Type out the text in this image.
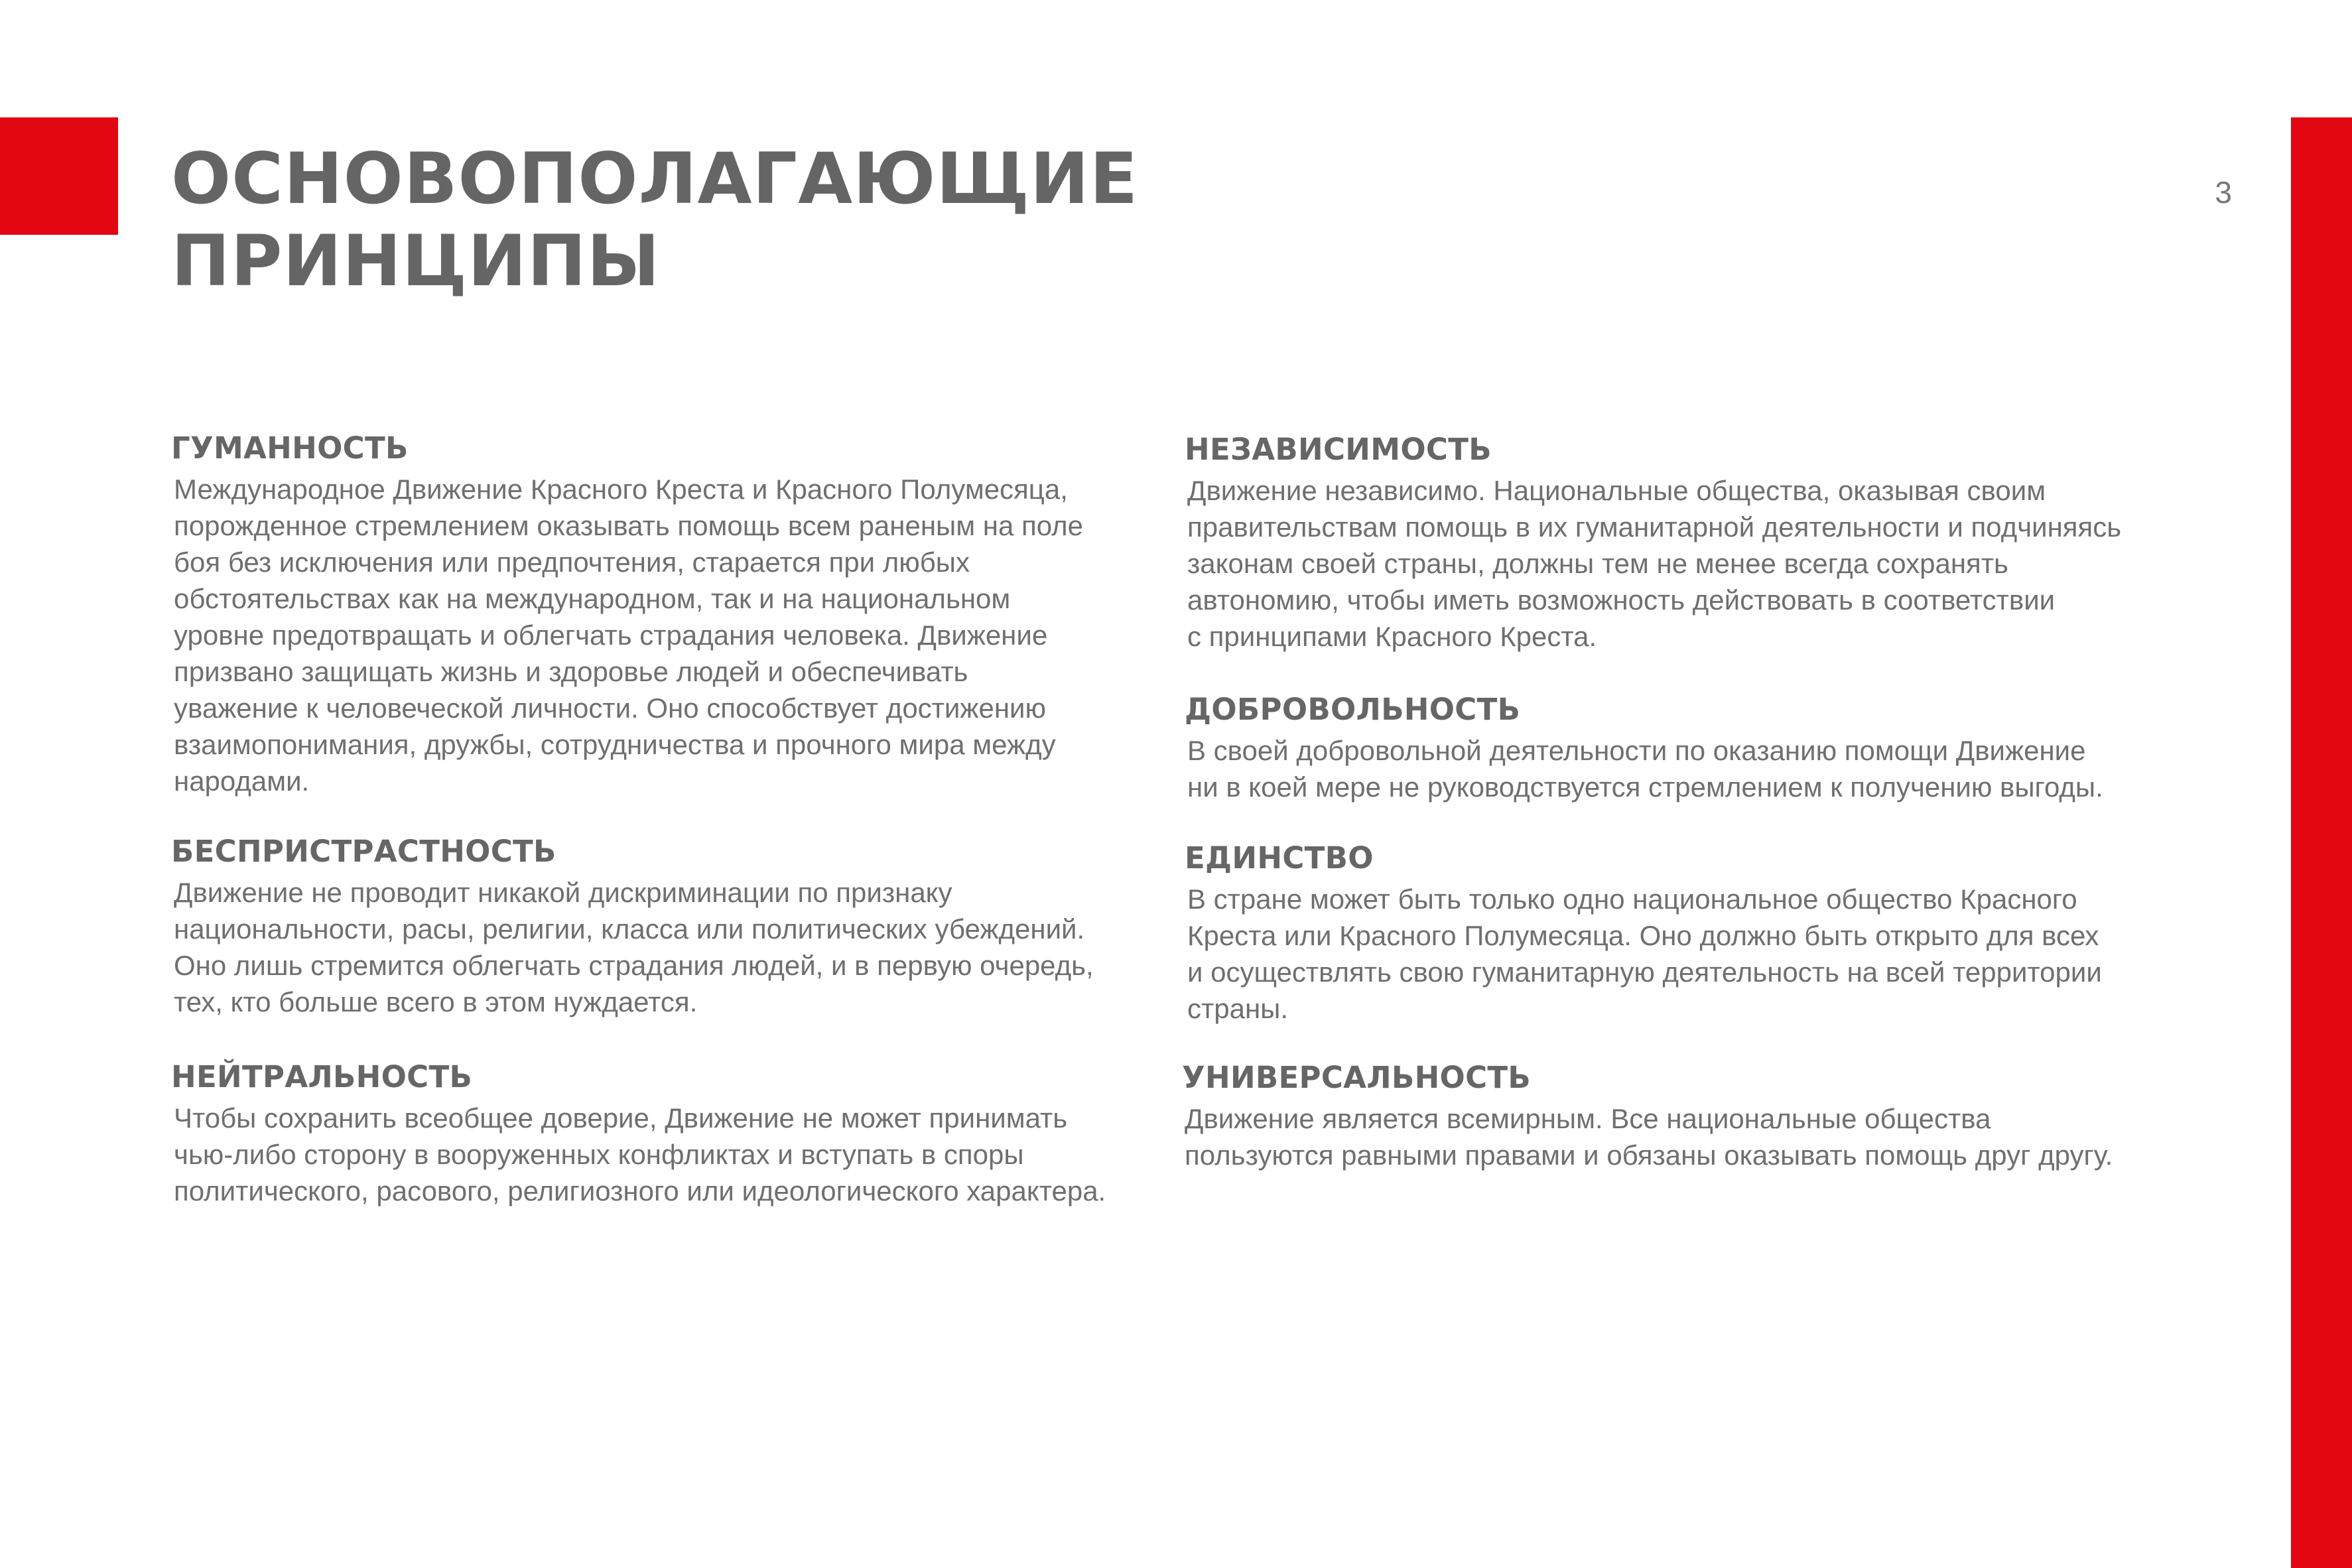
3
ОСНОВОПОЛАГАЮЩИЕ
ПРИНЦИПЫ
ГУМАННОСТЬ

Международное Движение Красного Креста и Красного Полумесяца,
порожденное стремлением оказывать помощь всем раненым на поле
боя без исключения или предпочтения, старается при любых
обстоятельствах как на международном, так и на национальном
уровне предотвращать и облегчать страдания человека. Движение
призвано защищать жизнь и здоровье людей и обеспечивать
уважение к человеческой личности. Оно способствует достижению
взаимопонимания, дружбы, сотрудничества и прочного мира между
народами.

БЕСПРИСТРАСТНОСТЬ

Движение не проводит никакой дискриминации по признаку
национальности, расы, религии, класса или политических убеждений.
Оно лишь стремится облегчать страдания людей, и в первую очередь,
тех, кто больше всего в этом нуждается.

НЕЙТРАЛЬНОСТЬ

Чтобы сохранить всеобщее доверие, Движение не может принимать
чью-либо сторону в вооруженных конфликтах и вступать в споры
политического, расового, религиозного или идеологического характера.

НЕЗАВИСИМОСТЬ

Движение независимо. Национальные общества, оказывая своим
правительствам помощь в их гуманитарной деятельности и подчиняясь
законам своей страны, должны тем не менее всегда сохранять
автономию, чтобы иметь возможность действовать в соответствии
с принципами Красного Креста.

ДОБРОВОЛЬНОСТЬ

В своей добровольной деятельности по оказанию помощи Движение
ни в коей мере не руководствуется стремлением к получению выгоды.

ЕДИНСТВО

В стране может быть только одно национальное общество Красного
Креста или Красного Полумесяца. Оно должно быть открыто для всех
и осуществлять свою гуманитарную деятельность на всей территории
страны.

УНИВЕРСАЛЬНОСТЬ

Движение является всемирным. Все национальные общества
пользуются равными правами и обязаны оказывать помощь друг другу.
